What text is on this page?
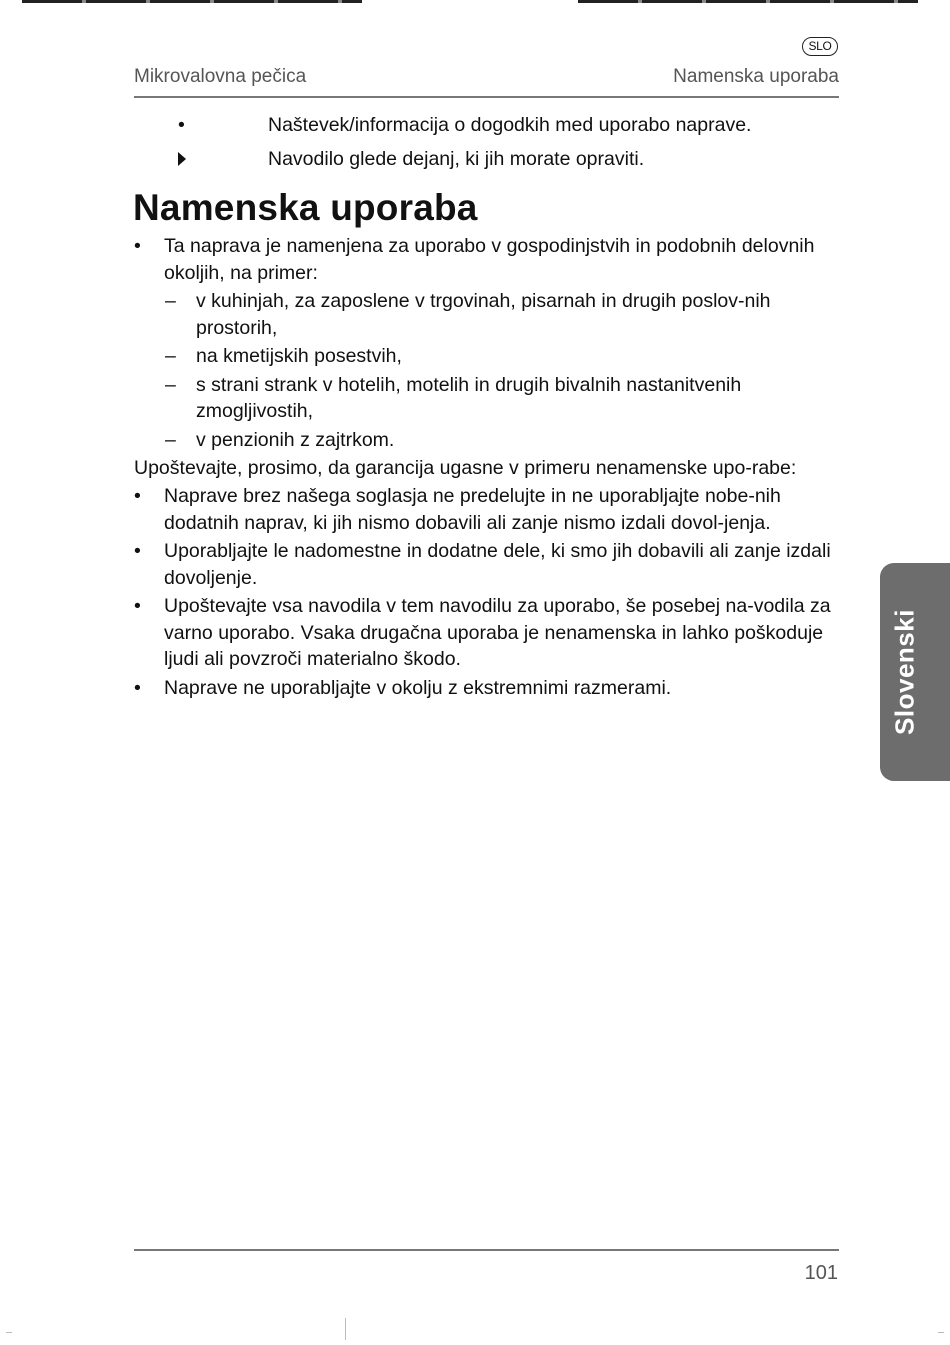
SLO
Mikrovalovna pečica	Namenska uporaba
•	Naštevek/informacija o dogodkih med uporabo naprave.
Navodilo glede dejanj, ki jih morate opraviti.
Namenska uporaba
• Ta naprava je namenjena za uporabo v gospodinjstvih in podobnih delovnih okoljih, na primer:
– v kuhinjah, za zaposlene v trgovinah, pisarnah in drugih poslov-nih prostorih,
– na kmetijskih posestvih,
– s strani strank v hotelih, motelih in drugih bivalnih nastanitvenih zmogljivostih,
– v penzionih z zajtrkom.

Upoštevajte, prosimo, da garancija ugasne v primeru nenamenske upo-rabe:

• Naprave brez našega soglasja ne predelujte in ne uporabljajte nobe-nih dodatnih naprav, ki jih nismo dobavili ali zanje nismo izdali dovol-jenja.
• Uporabljajte le nadomestne in dodatne dele, ki smo jih dobavili ali zanje izdali dovoljenje.
• Upoštevajte vsa navodila v tem navodilu za uporabo, še posebej na-vodila za varno uporabo. Vsaka drugačna uporaba je nenamenska in lahko poškoduje ljudi ali povzroči materialno škodo.
• Naprave ne uporabljajte v okolju z ekstremnimi razmerami.	Slovenski
101
